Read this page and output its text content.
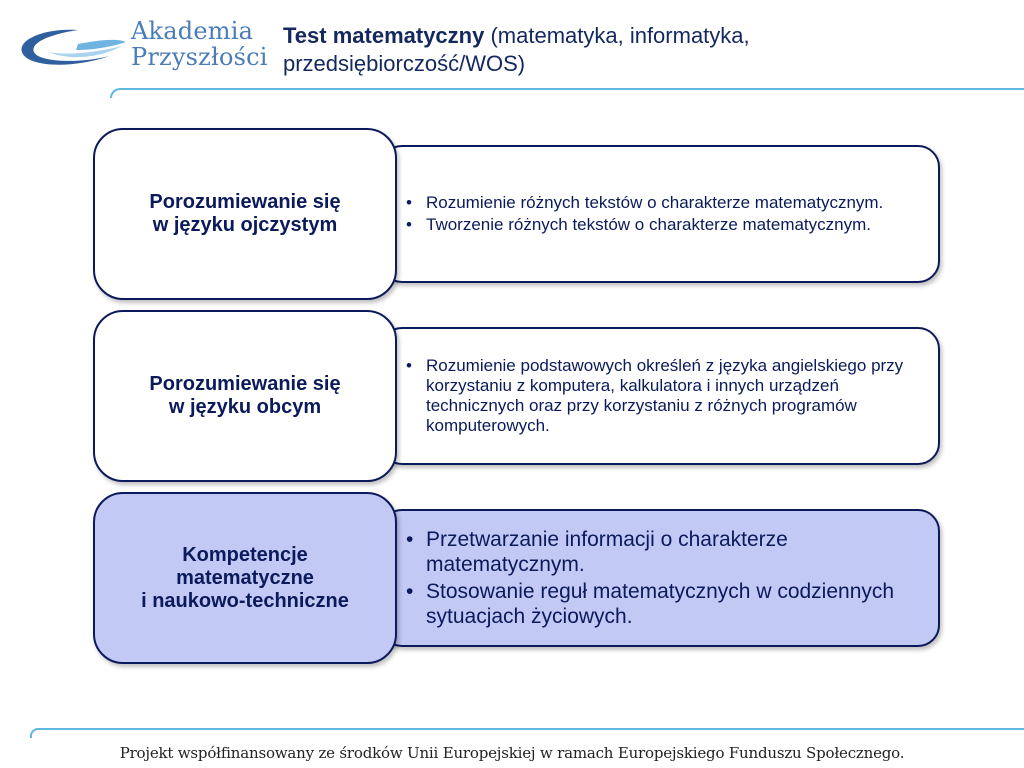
Akademia
Przyszłości
Test matematyczny (matematyka, informatyka,
przedsiębiorczość/WOS)
• Rozumienie różnych tekstów o charakterze matematycznym.
• Tworzenie różnych tekstów o charakterze matematycznym.
Porozumiewanie się
w języku ojczystym
• Rozumienie podstawowych określeń z języka angielskiego przy korzystaniu z komputera, kalkulatora i innych urządzeń technicznych oraz przy korzystaniu z różnych programów komputerowych.
Porozumiewanie się
w języku obcym
• Przetwarzanie informacji o charakterze matematycznym.
• Stosowanie reguł matematycznych w codziennych sytuacjach życiowych.
Kompetencje
matematyczne
i naukowo-techniczne
Projekt współfinansowany ze środków Unii Europejskiej w ramach Europejskiego Funduszu Społecznego.
